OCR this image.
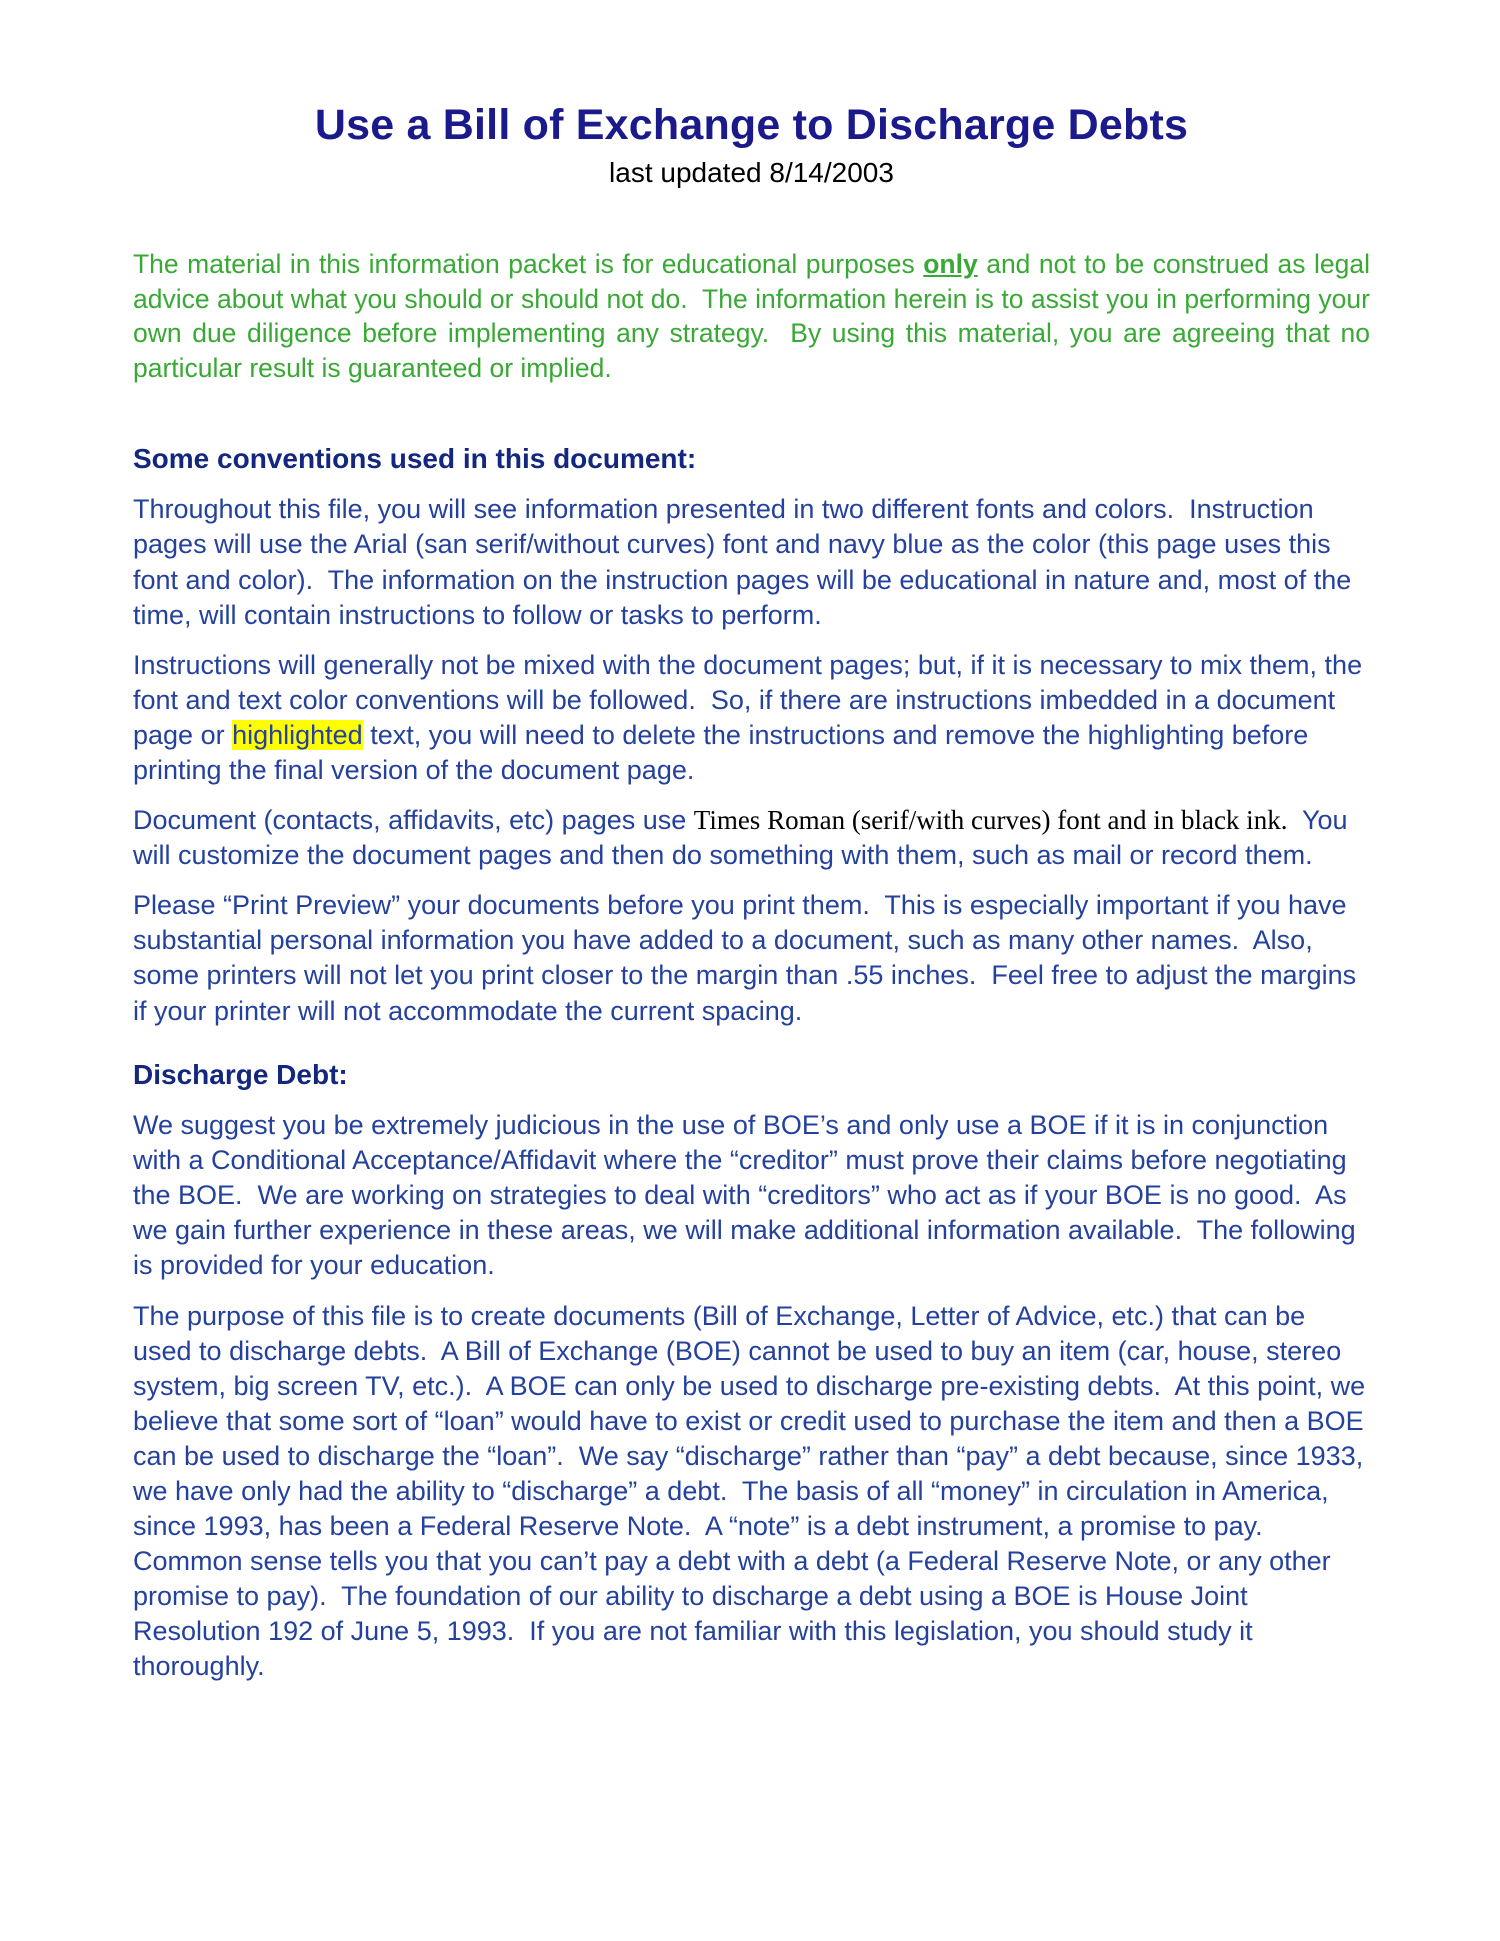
Use a Bill of Exchange to Discharge Debts
last updated 8/14/2003

The material in this information packet is for educational purposes only and not to be construed as legal advice about what you should or should not do.  The information herein is to assist you in performing your own due diligence before implementing any strategy.  By using this material, you are agreeing that no particular result is guaranteed or implied.

Some conventions used in this document:

Throughout this file, you will see information presented in two different fonts and colors.  Instruction pages will use the Arial (san serif/without curves) font and navy blue as the color (this page uses this font and color).  The information on the instruction pages will be educational in nature and, most of the time, will contain instructions to follow or tasks to perform.

Instructions will generally not be mixed with the document pages; but, if it is necessary to mix them, the font and text color conventions will be followed.  So, if there are instructions imbedded in a document page or highlighted text, you will need to delete the instructions and remove the highlighting before printing the final version of the document page.

Document (contacts, affidavits, etc) pages use Times Roman (serif/with curves) font and in black ink.  You will customize the document pages and then do something with them, such as mail or record them.

Please “Print Preview” your documents before you print them.  This is especially important if you have substantial personal information you have added to a document, such as many other names.  Also, some printers will not let you print closer to the margin than .55 inches.  Feel free to adjust the margins if your printer will not accommodate the current spacing.

Discharge Debt:

We suggest you be extremely judicious in the use of BOE’s and only use a BOE if it is in conjunction with a Conditional Acceptance/Affidavit where the “creditor” must prove their claims before negotiating the BOE.  We are working on strategies to deal with “creditors” who act as if your BOE is no good.  As we gain further experience in these areas, we will make additional information available.  The following is provided for your education.

The purpose of this file is to create documents (Bill of Exchange, Letter of Advice, etc.) that can be used to discharge debts.  A Bill of Exchange (BOE) cannot be used to buy an item (car, house, stereo system, big screen TV, etc.).  A BOE can only be used to discharge pre-existing debts.  At this point, we believe that some sort of “loan” would have to exist or credit used to purchase the item and then a BOE can be used to discharge the “loan”.  We say “discharge” rather than “pay” a debt because, since 1933, we have only had the ability to “discharge” a debt.  The basis of all “money” in circulation in America, since 1993, has been a Federal Reserve Note.  A “note” is a debt instrument, a promise to pay.  Common sense tells you that you can’t pay a debt with a debt (a Federal Reserve Note, or any other promise to pay).  The foundation of our ability to discharge a debt using a BOE is House Joint Resolution 192 of June 5, 1993.  If you are not familiar with this legislation, you should study it thoroughly.
